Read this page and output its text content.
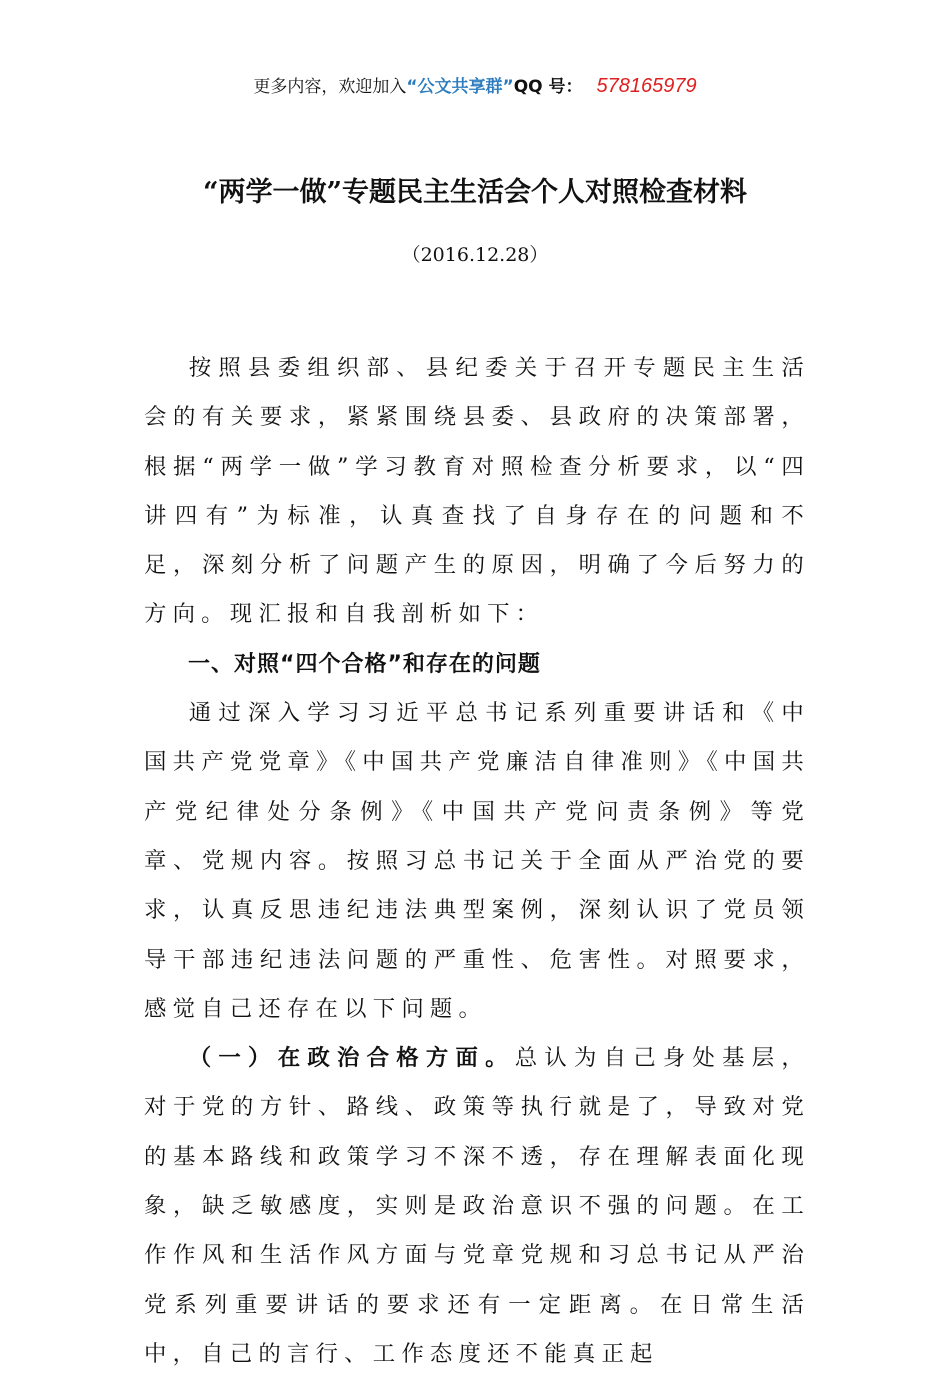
更多内容，欢迎加入“公文共享群”QQ 号： 578165979
“两学一做”专题民主生活会个人对照检查材料
（2016.12.28）

按照县委组织部、县纪委关于召开专题民主生活会的有关要求，紧紧围绕县委、县政府的决策部署，根据“两学一做”学习教育对照检查分析要求，以“四讲四有”为标准，认真查找了自身存在的问题和不足，深刻分析了问题产生的原因，明确了今后努力的方向。现汇报和自我剖析如下：

一、对照“四个合格”和存在的问题

通过深入学习习近平总书记系列重要讲话和《中国共产党党章》《中国共产党廉洁自律准则》《中国共产党纪律处分条例》《中国共产党问责条例》等党章、党规内容。按照习总书记关于全面从严治党的要求，认真反思违纪违法典型案例，深刻认识了党员领导干部违纪违法问题的严重性、危害性。对照要求，感觉自己还存在以下问题。

（一）在政治合格方面。总认为自己身处基层，对于党的方针、路线、政策等执行就是了，导致对党的基本路线和政策学习不深不透，存在理解表面化现象，缺乏敏感度，实则是政治意识不强的问题。在工作作风和生活作风方面与党章党规和习总书记从严治党系列重要讲话的要求还有一定距离。在日常生活中，自己的言行、工作态度还不能真正起
